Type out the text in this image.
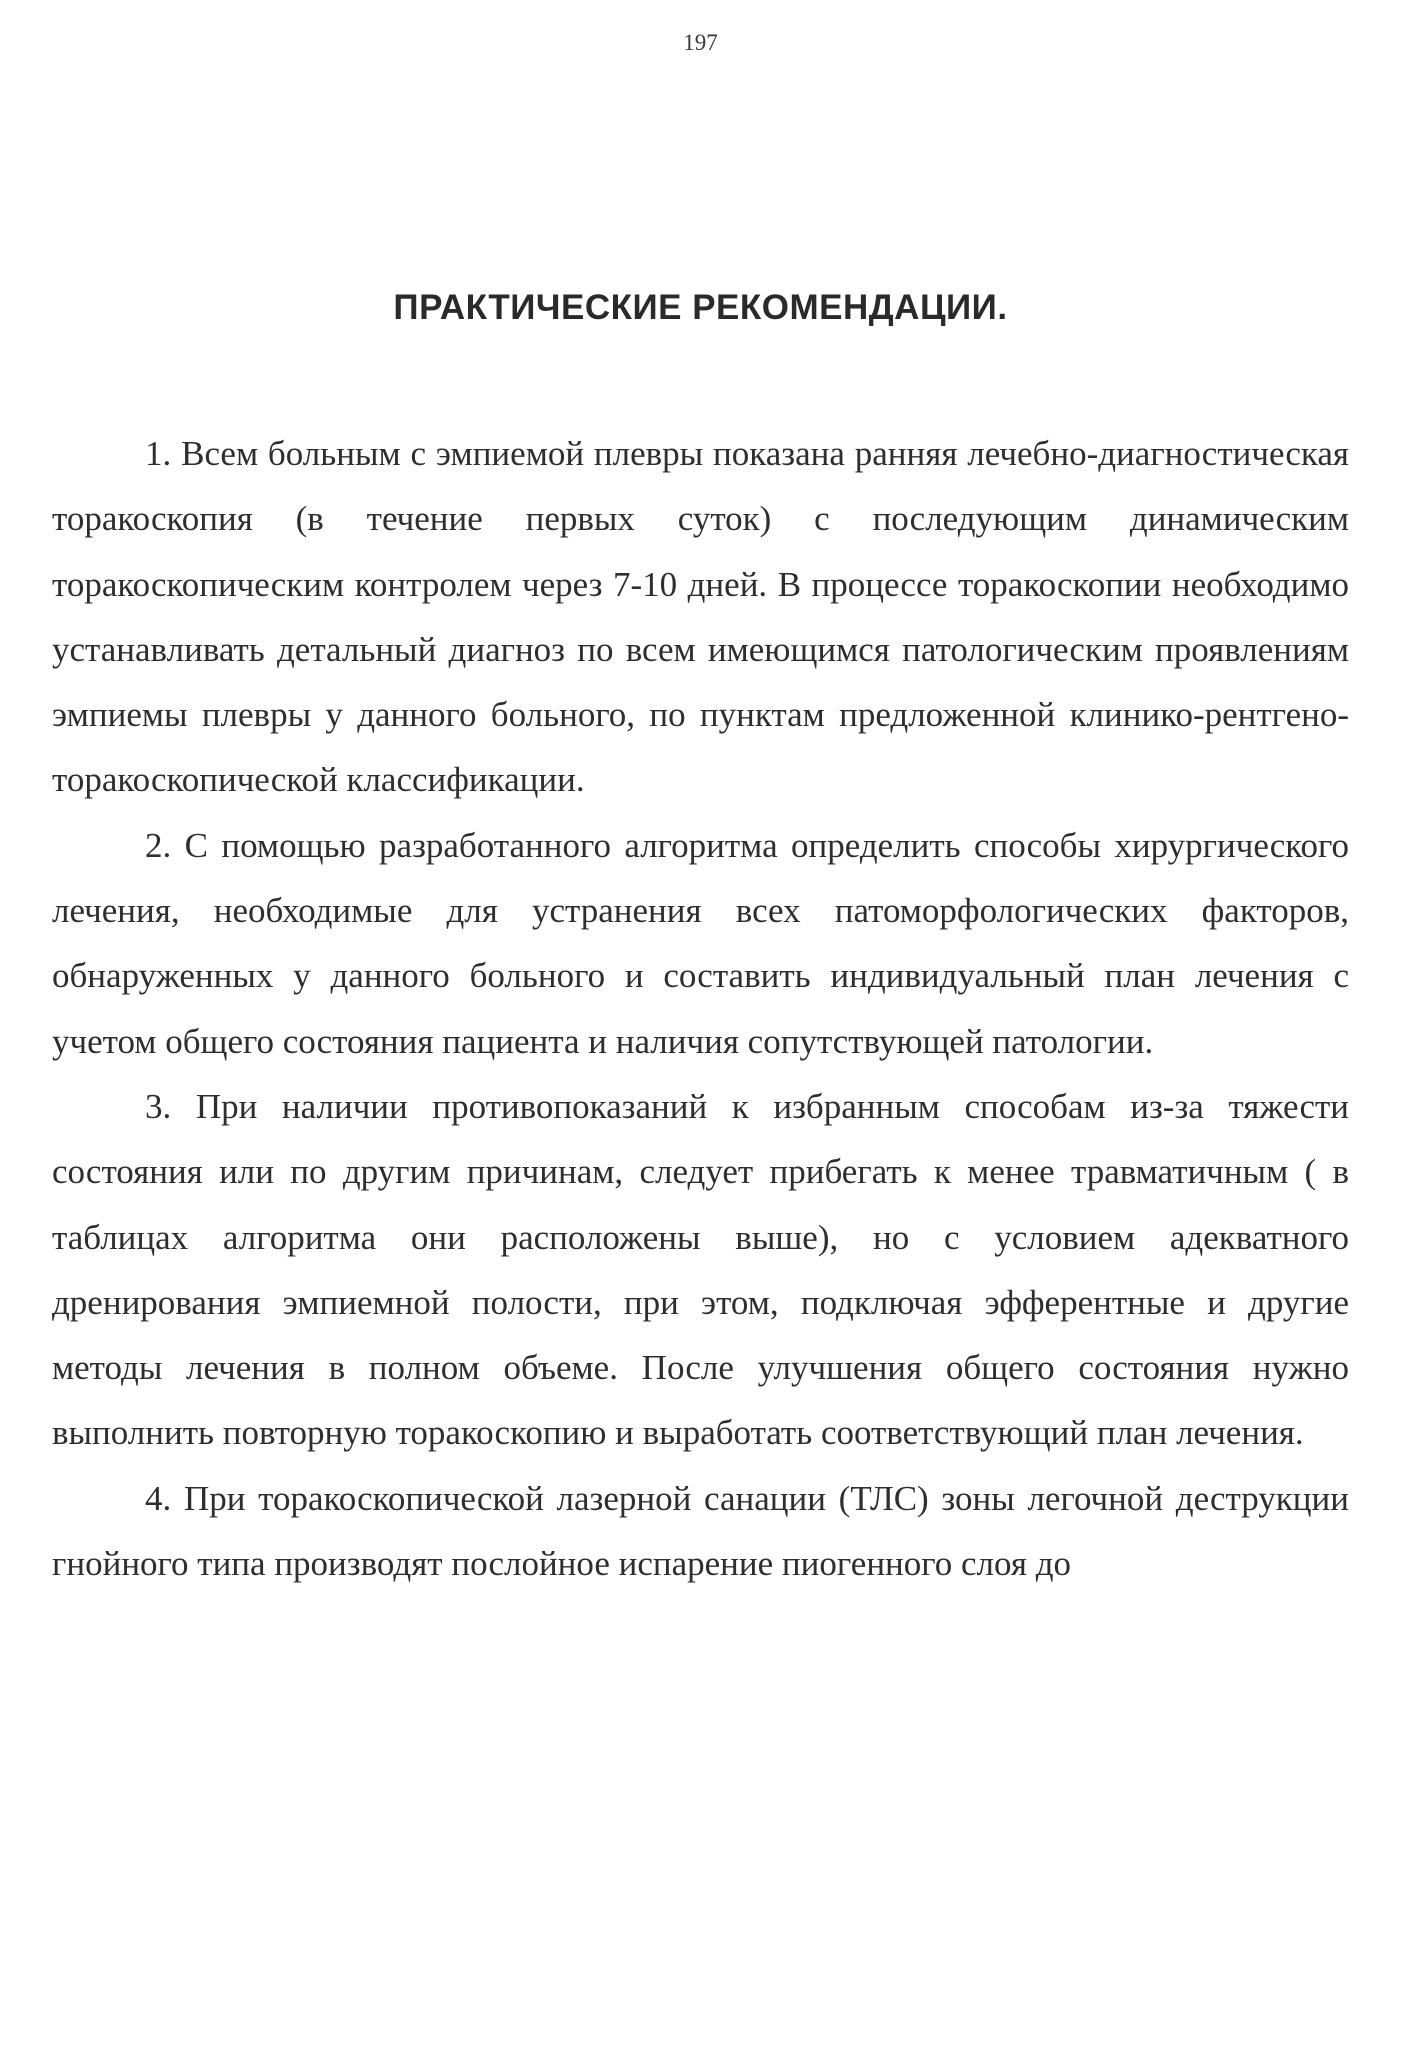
197
ПРАКТИЧЕСКИЕ РЕКОМЕНДАЦИИ.

1. Всем больным с эмпиемой плевры показана ранняя лечебно-диагностическая торакоскопия (в течение первых суток) с последующим динамическим торакоскопическим контролем через 7-10 дней. В процессе торакоскопии необходимо устанавливать детальный диагноз по всем имеющимся патологическим проявлениям эмпиемы плевры у данного больного, по пунктам предложенной клинико-рентгено-торакоскопической классификации.

2. С помощью разработанного алгоритма определить способы хирургического лечения, необходимые для устранения всех патоморфологических факторов, обнаруженных у данного больного и составить индивидуальный план лечения с учетом общего состояния пациента и наличия сопутствующей патологии.

3. При наличии противопоказаний к избранным способам из-за тяжести состояния или по другим причинам, следует прибегать к менее травматичным ( в таблицах алгоритма они расположены выше), но с условием адекватного дренирования эмпиемной полости, при этом, подключая эфферентные и другие методы лечения в полном объеме. После улучшения общего состояния нужно выполнить повторную торакоскопию и выработать соответствующий план лечения.

4. При торакоскопической лазерной санации (ТЛС) зоны легочной деструкции гнойного типа производят послойное испарение пиогенного слоя до
